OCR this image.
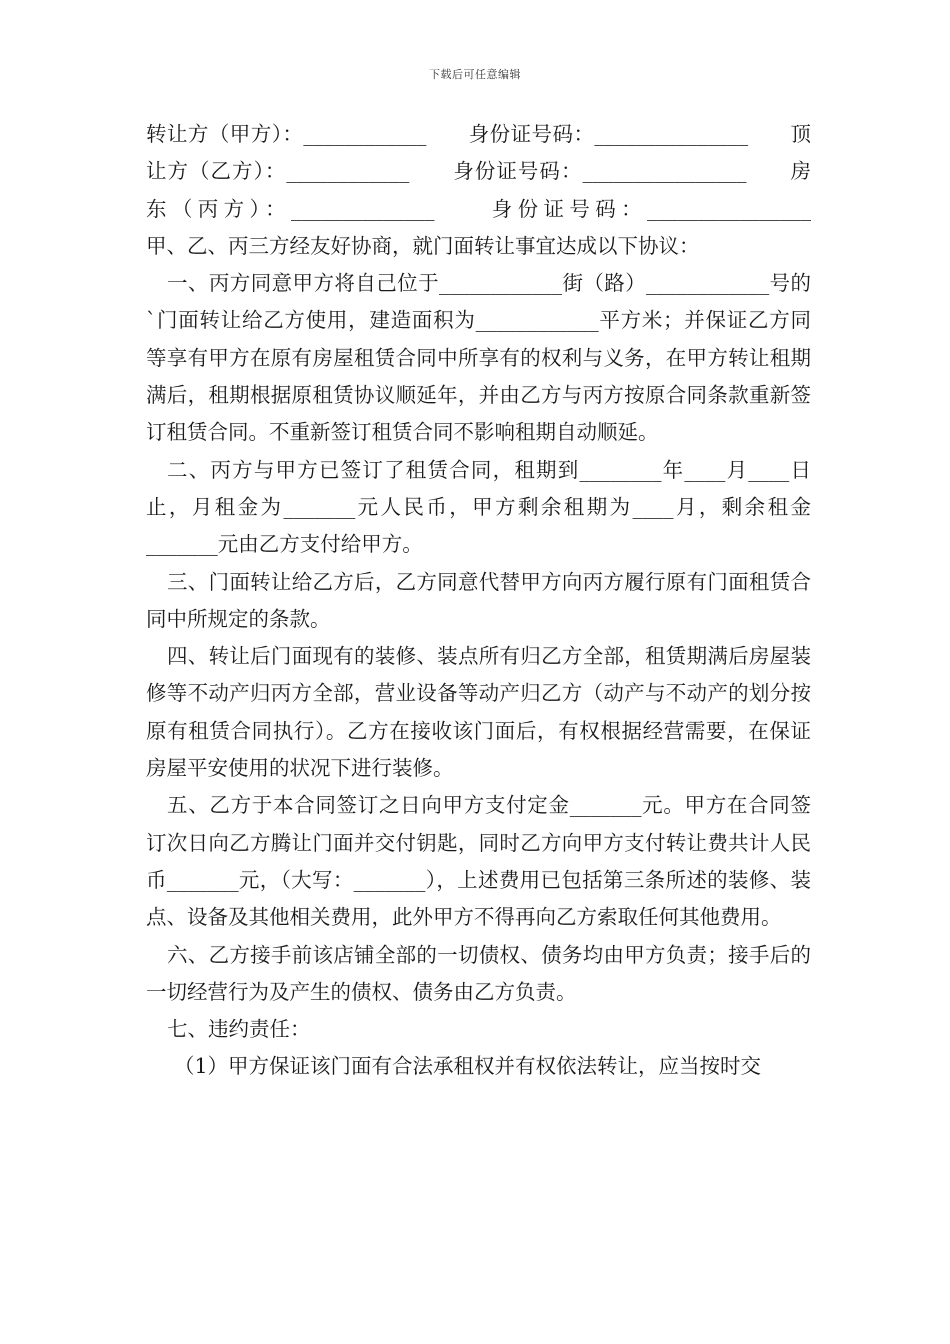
下载后可任意编辑

转让方（甲方）：____________　　身份证号码：_______________　　顶让方（乙方）：____________　　身份证号码：________________　　房东（丙方）：______________　　身份证号码：________________　　甲、乙、丙三方经友好协商，就门面转让事宜达成以下协议：

一、丙方同意甲方将自己位于____________街（路）____________号的`门面转让给乙方使用，建造面积为____________平方米；并保证乙方同等享有甲方在原有房屋租赁合同中所享有的权利与义务，在甲方转让租期满后，租期根据原租赁协议顺延年，并由乙方与丙方按原合同条款重新签订租赁合同。不重新签订租赁合同不影响租期自动顺延。

二、丙方与甲方已签订了租赁合同，租期到________年____月____日止，月租金为_______元人民币，甲方剩余租期为____月，剩余租金_______元由乙方支付给甲方。

三、门面转让给乙方后，乙方同意代替甲方向丙方履行原有门面租赁合同中所规定的条款。

四、转让后门面现有的装修、装点所有归乙方全部，租赁期满后房屋装修等不动产归丙方全部，营业设备等动产归乙方（动产与不动产的划分按原有租赁合同执行）。乙方在接收该门面后，有权根据经营需要，在保证房屋平安使用的状况下进行装修。

五、乙方于本合同签订之日向甲方支付定金_______元。甲方在合同签订次日向乙方腾让门面并交付钥匙，同时乙方向甲方支付转让费共计人民币_______元，（大写：_______），上述费用已包括第三条所述的装修、装点、设备及其他相关费用，此外甲方不得再向乙方索取任何其他费用。

六、乙方接手前该店铺全部的一切债权、债务均由甲方负责；接手后的一切经营行为及产生的债权、债务由乙方负责。

七、违约责任：

（1）甲方保证该门面有合法承租权并有权依法转让，应当按时交
